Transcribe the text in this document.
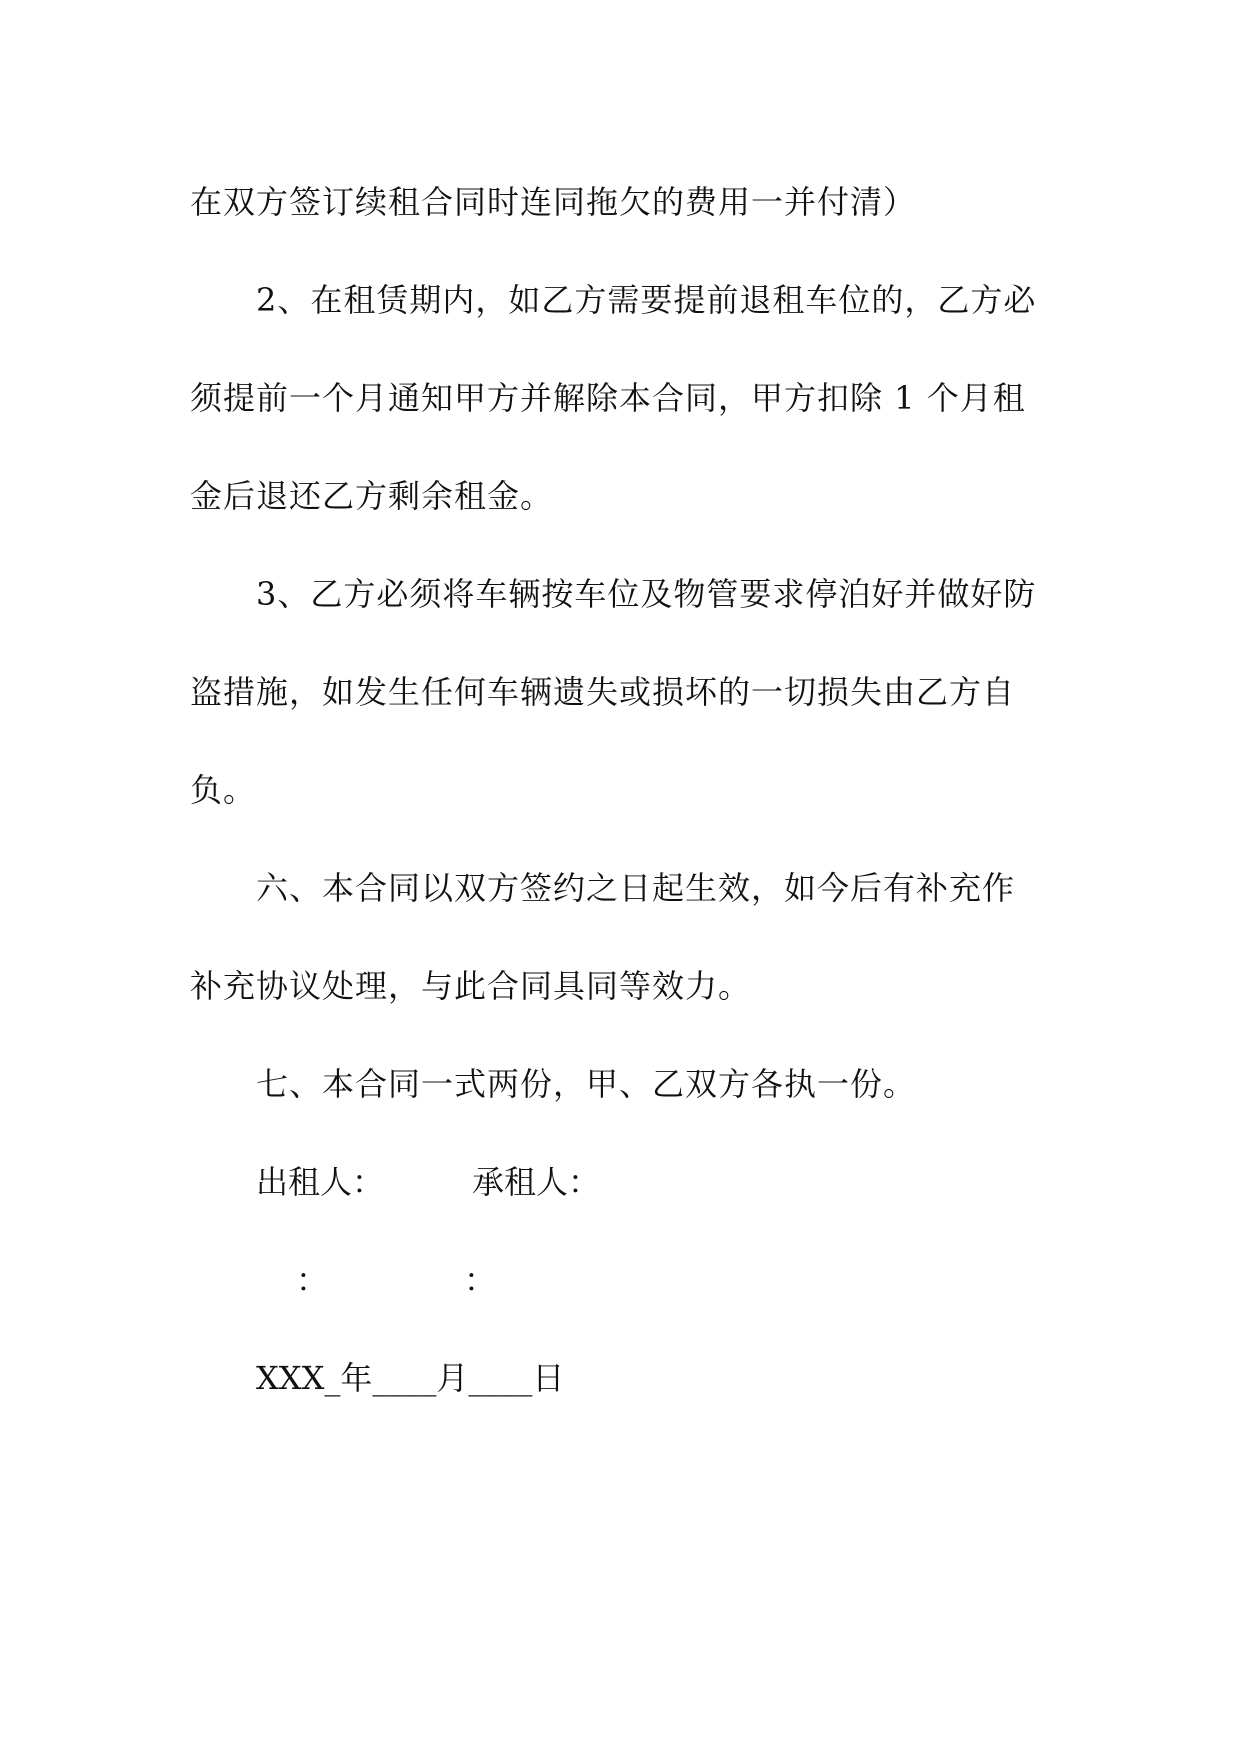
在双方签订续租合同时连同拖欠的费用一并付清）
2、在租赁期内，如乙方需要提前退租车位的，乙方必
须提前一个月通知甲方并解除本合同，甲方扣除 1 个月租
金后退还乙方剩余租金。
3、乙方必须将车辆按车位及物管要求停泊好并做好防
盗措施，如发生任何车辆遗失或损坏的一切损失由乙方自
负。
六、本合同以双方签约之日起生效，如今后有补充作
补充协议处理，与此合同具同等效力。
七、本合同一式两份，甲、乙双方各执一份。
出租人：	承租人：
：	：
XXX_年____月____日
